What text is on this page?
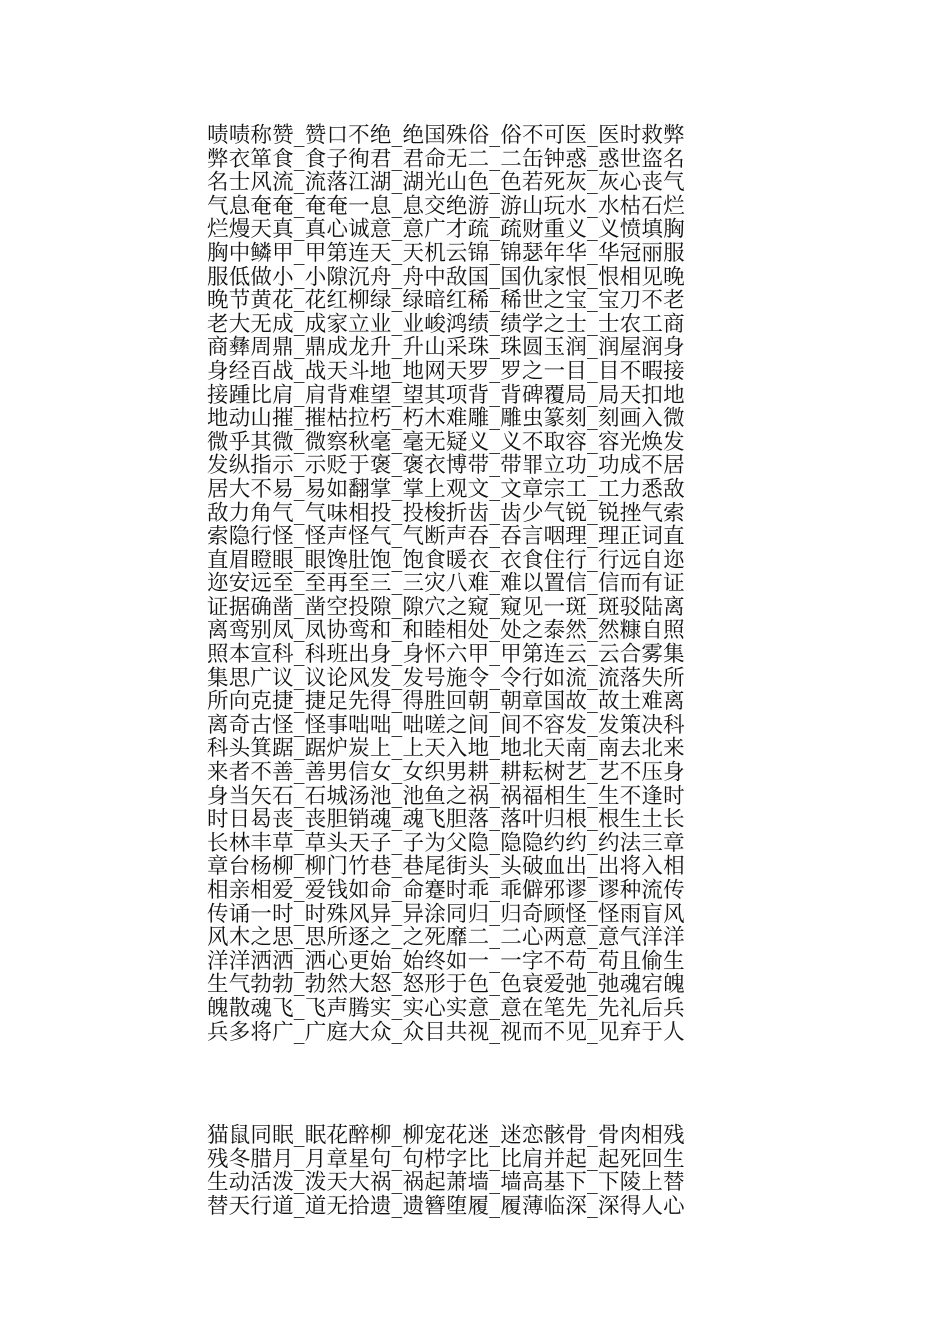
啧啧称赞_赞口不绝_绝国殊俗_俗不可医_医时救弊
弊衣箪食_食子徇君_君命无二_二缶钟惑_惑世盗名
名士风流_流落江湖_湖光山色_色若死灰_灰心丧气
气息奄奄_奄奄一息_息交绝游_游山玩水_水枯石烂
烂熳天真_真心诚意_意广才疏_疏财重义_义愤填胸
胸中鳞甲_甲第连天_天机云锦_锦瑟年华_华冠丽服
服低做小_小隙沉舟_舟中敌国_国仇家恨_恨相见晚
晚节黄花_花红柳绿_绿暗红稀_稀世之宝_宝刀不老
老大无成_成家立业_业峻鸿绩_绩学之士_士农工商
商彝周鼎_鼎成龙升_升山采珠_珠圆玉润_润屋润身
身经百战_战天斗地_地网天罗_罗之一目_目不暇接
接踵比肩_肩背难望_望其项背_背碑覆局_局天扣地
地动山摧_摧枯拉朽_朽木难雕_雕虫篆刻_刻画入微
微乎其微_微察秋毫_毫无疑义_义不取容_容光焕发
发纵指示_示贬于褒_褒衣博带_带罪立功_功成不居
居大不易_易如翻掌_掌上观文_文章宗工_工力悉敌
敌力角气_气味相投_投梭折齿_齿少气锐_锐挫气索
索隐行怪_怪声怪气_气断声吞_吞言咽理_理正词直
直眉瞪眼_眼馋肚饱_饱食暖衣_衣食住行_行远自迩
迩安远至_至再至三_三灾八难_难以置信_信而有证
证据确凿_凿空投隙_隙穴之窥_窥见一斑_斑驳陆离
离鸾别凤_凤协鸾和_和睦相处_处之泰然_然糠自照
照本宣科_科班出身_身怀六甲_甲第连云_云合雾集
集思广议_议论风发_发号施令_令行如流_流落失所
所向克捷_捷足先得_得胜回朝_朝章国故_故土难离
离奇古怪_怪事咄咄_咄嗟之间_间不容发_发策决科
科头箕踞_踞炉炭上_上天入地_地北天南_南去北来
来者不善_善男信女_女织男耕_耕耘树艺_艺不压身
身当矢石_石城汤池_池鱼之祸_祸福相生_生不逢时
时日曷丧_丧胆销魂_魂飞胆落_落叶归根_根生土长
长林丰草_草头天子_子为父隐_隐隐约约_约法三章
章台杨柳_柳门竹巷_巷尾街头_头破血出_出将入相
相亲相爱_爱钱如命_命蹇时乖_乖僻邪谬_谬种流传
传诵一时_时殊风异_异涂同归_归奇顾怪_怪雨盲风
风木之思_思所逐之_之死靡二_二心两意_意气洋洋
洋洋洒洒_洒心更始_始终如一_一字不苟_苟且偷生
生气勃勃_勃然大怒_怒形于色_色衰爱弛_弛魂宕魄
魄散魂飞_飞声腾实_实心实意_意在笔先_先礼后兵
兵多将广_广庭大众_众目共视_视而不见_见弃于人
猫鼠同眠_眠花醉柳_柳宠花迷_迷恋骸骨_骨肉相残
残冬腊月_月章星句_句栉字比_比肩并起_起死回生
生动活泼_泼天大祸_祸起萧墙_墙高基下_下陵上替
替天行道_道无拾遗_遗簪堕履_履薄临深_深得人心
